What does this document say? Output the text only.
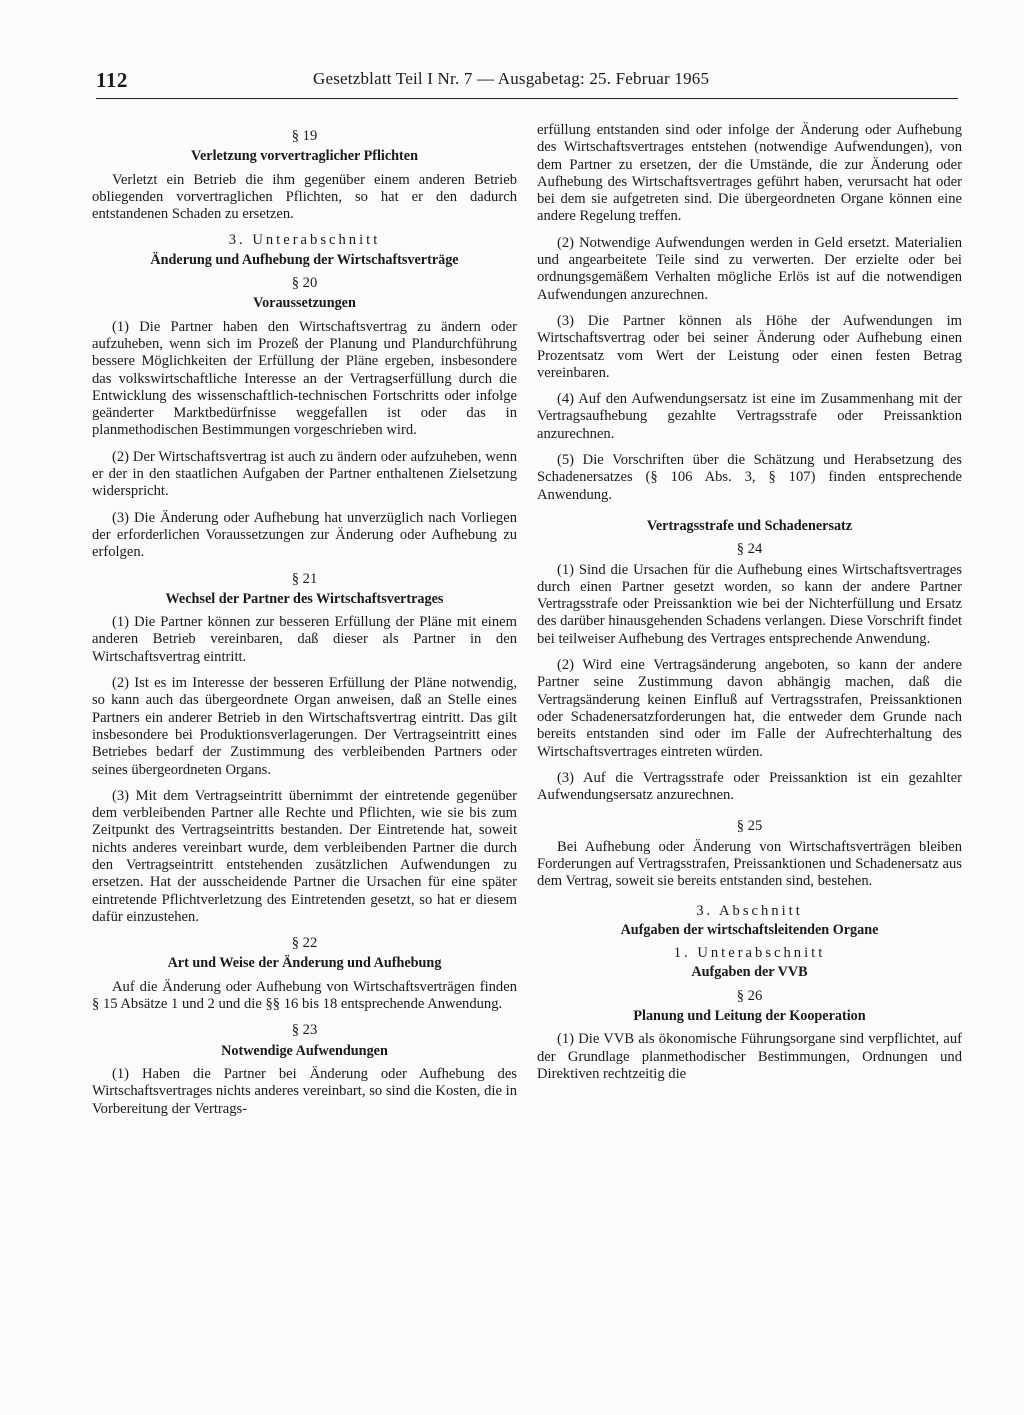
112	Gesetzblatt Teil I Nr. 7 — Ausgabetag: 25. Februar 1965
§ 19
Verletzung vorvertraglicher Pflichten

Verletzt ein Betrieb die ihm gegenüber einem anderen Betrieb obliegenden vorvertraglichen Pflichten, so hat er den dadurch entstandenen Schaden zu ersetzen.

3. Unterabschnitt
Änderung und Aufhebung der Wirtschaftsverträge
§ 20
Voraussetzungen

(1) Die Partner haben den Wirtschaftsvertrag zu ändern oder aufzuheben, wenn sich im Prozeß der Planung und Plandurchführung bessere Möglichkeiten der Erfüllung der Pläne ergeben, insbesondere das volkswirtschaftliche Interesse an der Vertragserfüllung durch die Entwicklung des wissenschaftlich-technischen Fortschritts oder infolge geänderter Marktbedürfnisse weggefallen ist oder das in planmethodischen Bestimmungen vorgeschrieben wird.

(2) Der Wirtschaftsvertrag ist auch zu ändern oder aufzuheben, wenn er der in den staatlichen Aufgaben der Partner enthaltenen Zielsetzung widerspricht.

(3) Die Änderung oder Aufhebung hat unverzüglich nach Vorliegen der erforderlichen Voraussetzungen zur Änderung oder Aufhebung zu erfolgen.

§ 21
Wechsel der Partner des Wirtschaftsvertrages

(1) Die Partner können zur besseren Erfüllung der Pläne mit einem anderen Betrieb vereinbaren, daß dieser als Partner in den Wirtschaftsvertrag eintritt.

(2) Ist es im Interesse der besseren Erfüllung der Pläne notwendig, so kann auch das übergeordnete Organ anweisen, daß an Stelle eines Partners ein anderer Betrieb in den Wirtschaftsvertrag eintritt. Das gilt insbesondere bei Produktionsverlagerungen. Der Vertragseintritt eines Betriebes bedarf der Zustimmung des verbleibenden Partners oder seines übergeordneten Organs.

(3) Mit dem Vertragseintritt übernimmt der eintretende gegenüber dem verbleibenden Partner alle Rechte und Pflichten, wie sie bis zum Zeitpunkt des Vertragseintritts bestanden. Der Eintretende hat, soweit nichts anderes vereinbart wurde, dem verbleibenden Partner die durch den Vertragseintritt entstehenden zusätzlichen Aufwendungen zu ersetzen. Hat der ausscheidende Partner die Ursachen für eine später eintretende Pflichtverletzung des Eintretenden gesetzt, so hat er diesem dafür einzustehen.

§ 22
Art und Weise der Änderung und Aufhebung

Auf die Änderung oder Aufhebung von Wirtschaftsverträgen finden § 15 Absätze 1 und 2 und die §§ 16 bis 18 entsprechende Anwendung.

§ 23
Notwendige Aufwendungen

(1) Haben die Partner bei Änderung oder Aufhebung des Wirtschaftsvertrages nichts anderes vereinbart, so sind die Kosten, die in Vorbereitung der Vertrags-

erfüllung entstanden sind oder infolge der Änderung oder Aufhebung des Wirtschaftsvertrages entstehen (notwendige Aufwendungen), von dem Partner zu ersetzen, der die Umstände, die zur Änderung oder Aufhebung des Wirtschaftsvertrages geführt haben, verursacht hat oder bei dem sie aufgetreten sind. Die übergeordneten Organe können eine andere Regelung treffen.

(2) Notwendige Aufwendungen werden in Geld ersetzt. Materialien und angearbeitete Teile sind zu verwerten. Der erzielte oder bei ordnungsgemäßem Verhalten mögliche Erlös ist auf die notwendigen Aufwendungen anzurechnen.

(3) Die Partner können als Höhe der Aufwendungen im Wirtschaftsvertrag oder bei seiner Änderung oder Aufhebung einen Prozentsatz vom Wert der Leistung oder einen festen Betrag vereinbaren.

(4) Auf den Aufwendungsersatz ist eine im Zusammenhang mit der Vertragsaufhebung gezahlte Vertragsstrafe oder Preissanktion anzurechnen.

(5) Die Vorschriften über die Schätzung und Herabsetzung des Schadenersatzes (§ 106 Abs. 3, § 107) finden entsprechende Anwendung.

Vertragsstrafe und Schadenersatz
§ 24

(1) Sind die Ursachen für die Aufhebung eines Wirtschaftsvertrages durch einen Partner gesetzt worden, so kann der andere Partner Vertragsstrafe oder Preissanktion wie bei der Nichterfüllung und Ersatz des darüber hinausgehenden Schadens verlangen. Diese Vorschrift findet bei teilweiser Aufhebung des Vertrages entsprechende Anwendung.

(2) Wird eine Vertragsänderung angeboten, so kann der andere Partner seine Zustimmung davon abhängig machen, daß die Vertragsänderung keinen Einfluß auf Vertragsstrafen, Preissanktionen oder Schadenersatzforderungen hat, die entweder dem Grunde nach bereits entstanden sind oder im Falle der Aufrechterhaltung des Wirtschaftsvertrages eintreten würden.

(3) Auf die Vertragsstrafe oder Preissanktion ist ein gezahlter Aufwendungsersatz anzurechnen.

§ 25

Bei Aufhebung oder Änderung von Wirtschaftsverträgen bleiben Forderungen auf Vertragsstrafen, Preissanktionen und Schadenersatz aus dem Vertrag, soweit sie bereits entstanden sind, bestehen.

3. Abschnitt
Aufgaben der wirtschaftsleitenden Organe
1. Unterabschnitt
Aufgaben der VVB
§ 26
Planung und Leitung der Kooperation

(1) Die VVB als ökonomische Führungsorgane sind verpflichtet, auf der Grundlage planmethodischer Bestimmungen, Ordnungen und Direktiven rechtzeitig die
